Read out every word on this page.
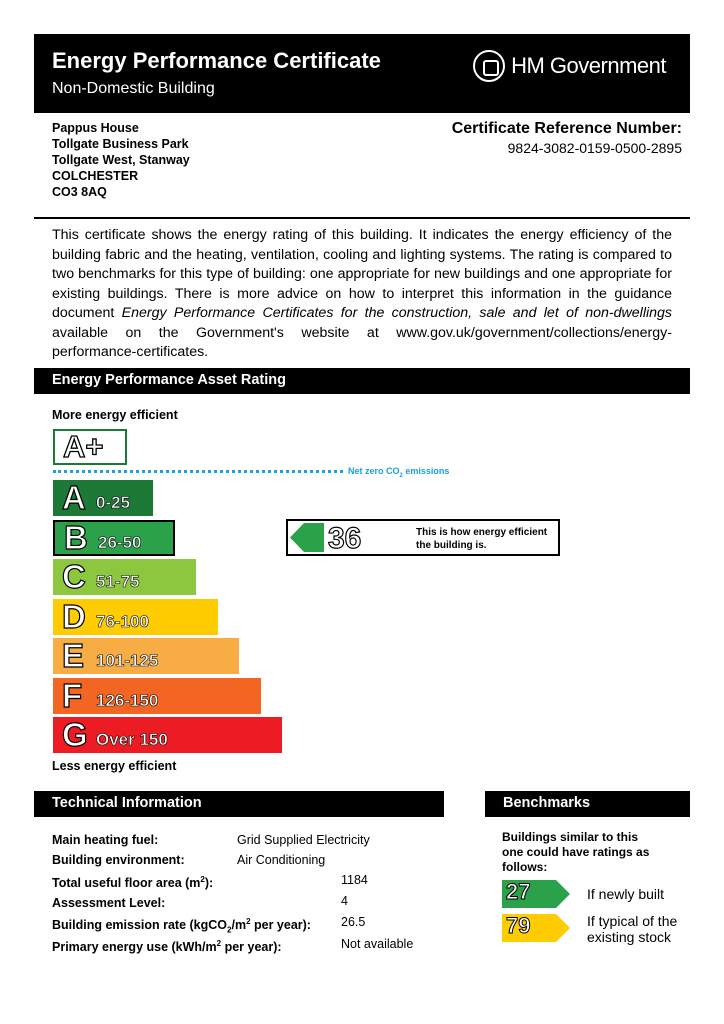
Energy Performance Certificate
Non-Domestic Building
HM Government
Pappus House
Tollgate Business Park
Tollgate West, Stanway
COLCHESTER
CO3 8AQ
Certificate Reference Number:
9824-3082-0159-0500-2895
This certificate shows the energy rating of this building. It indicates the energy efficiency of the building fabric and the heating, ventilation, cooling and lighting systems. The rating is compared to two benchmarks for this type of building: one appropriate for new buildings and one appropriate for existing buildings. There is more advice on how to interpret this information in the guidance document Energy Performance Certificates for the construction, sale and let of non-dwellings available on the Government's website at www.gov.uk/government/collections/energy-performance-certificates.
Energy Performance Asset Rating
More energy efficient
A+
Net zero $CO_2$ emissions
A 0-25
B 26-50
C 51-75
D 76-100
E 101-125
F 126-150
G Over 150
36	This is how energy efficient
the building is.
Less energy efficient
Technical Information
Main heating fuel:	Grid Supplied Electricity
Building environment:	Air Conditioning
Total useful floor area $(m^2)$:	1184
Assessment Level:	4
Building emission rate ($kgCO_2/m^2$ per year): 26.5
Primary energy use ($kWh/m^2$ per year):	Not available
Benchmarks
Buildings similar to this
one could have ratings as
follows:
27	If newly built
79	If typical of the
existing stock
